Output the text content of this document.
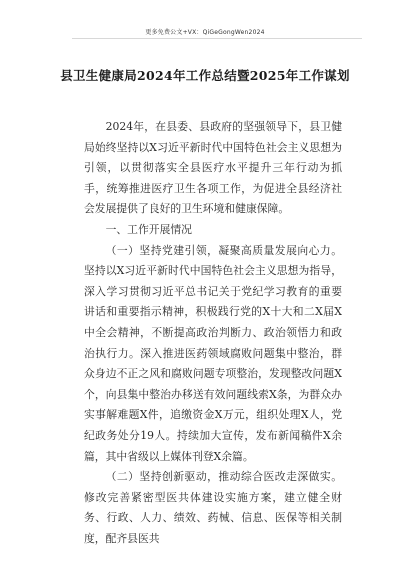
更多免费公文+VX：QiGeGongWen2024
县卫生健康局2024年工作总结暨2025年工作谋划

2024年，在县委、县政府的坚强领导下，县卫健局始终坚持以X习近平新时代中国特色社会主义思想为引领，以贯彻落实全县医疗水平提升三年行动为抓手，统筹推进医疗卫生各项工作，为促进全县经济社会发展提供了良好的卫生环境和健康保障。

一、工作开展情况

（一）坚持党建引领，凝聚高质量发展向心力。坚持以X习近平新时代中国特色社会主义思想为指导，深入学习贯彻习近平总书记关于党纪学习教育的重要讲话和重要指示精神，积极践行党的X十大和二X届X中全会精神，不断提高政治判断力、政治领悟力和政治执行力。深入推进医药领域腐败问题集中整治，群众身边不正之风和腐败问题专项整治，发现整改问题X个，向县集中整治办移送有效问题线索X条，为群众办实事解难题X件，追缴资金X万元，组织处理X人，党纪政务处分19人。持续加大宣传，发布新闻稿件X余篇，其中省级以上媒体刊登X余篇。

（二）坚持创新驱动，推动综合医改走深做实。修改完善紧密型医共体建设实施方案，建立健全财务、行政、人力、绩效、药械、信息、医保等相关制度，配齐县医共
